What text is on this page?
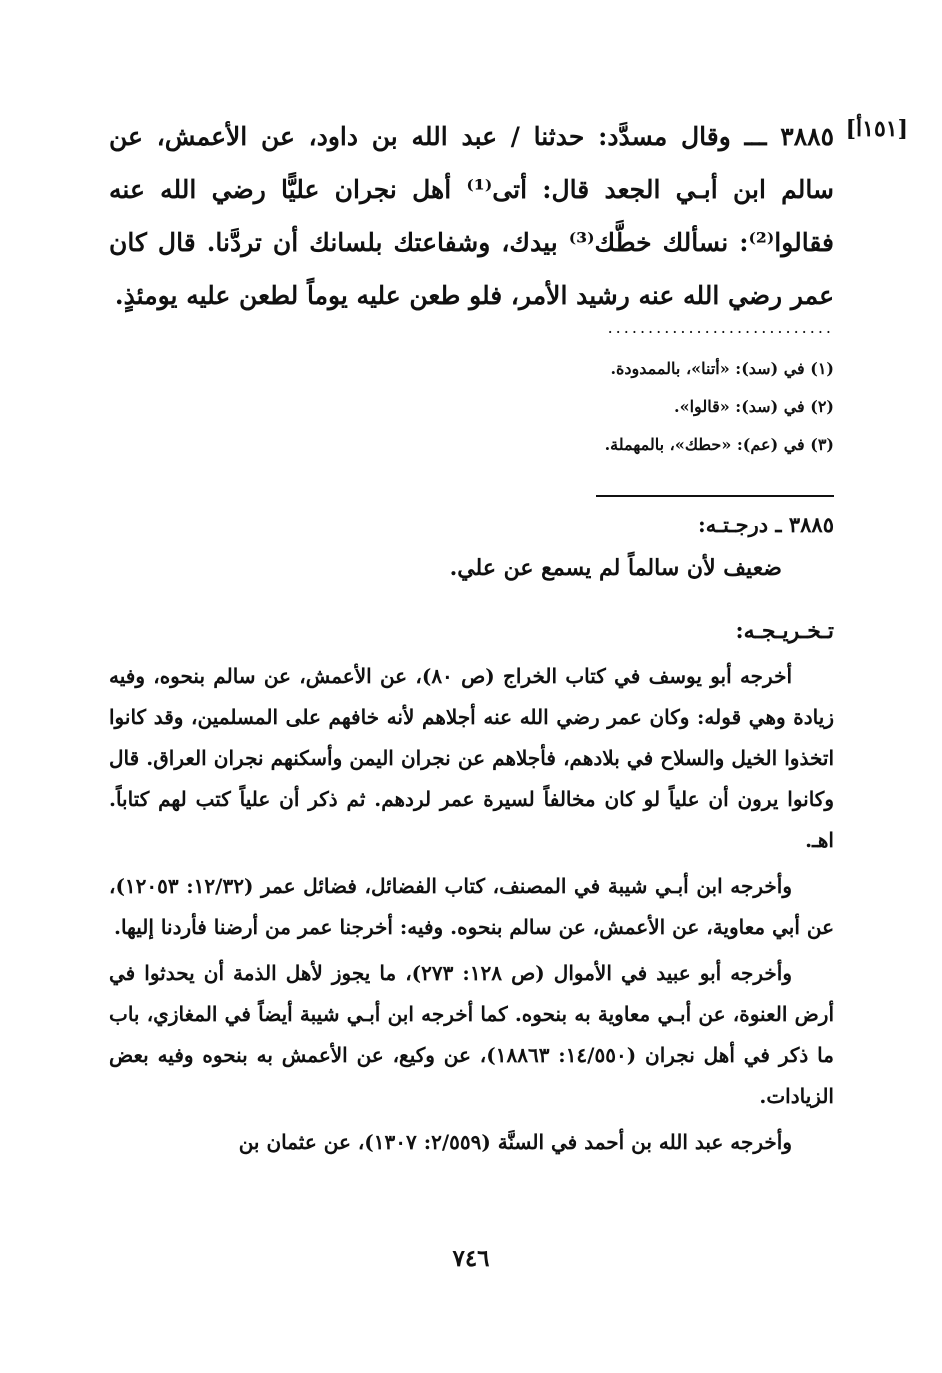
[١٥١أ]
٣٨٨٥ ـــ وقال مسدَّد: حدثنا / عبد الله بن داود، عن الأعمش، عن سالم ابن أبـي الجعد قال: أتى⁽¹⁾ أهل نجران عليًّا رضي الله عنه فقالوا⁽²⁾: نسألك خطَّك⁽³⁾ بيدك، وشفاعتك بلسانك أن تردَّنا. قال كان عمر رضي الله عنه رشيد الأمر، فلو طعن عليه يوماً لطعن عليه يومئذٍ.
............................
(١) في (سد): «أتنا»، بالممدودة.
(٢) في (سد): «قالوا».
(٣) في (عم): «حطك»، بالمهملة.
٣٨٨٥ ـ درجـتـه:
ضعيف لأن سالماً لم يسمع عن علي.
تـخـريـجـه:

أخرجه أبو يوسف في كتاب الخراج (ص ٨٠)، عن الأعمش، عن سالم بنحوه، وفيه زيادة وهي قوله: وكان عمر رضي الله عنه أجلاهم لأنه خافهم على المسلمين، وقد كانوا اتخذوا الخيل والسلاح في بلادهم، فأجلاهم عن نجران اليمن وأسكنهم نجران العراق. قال وكانوا يرون أن علياً لو كان مخالفاً لسيرة عمر لردهم. ثم ذكر أن علياً كتب لهم كتاباً. اهـ.

وأخرجه ابن أبـي شيبة في المصنف، كتاب الفضائل، فضائل عمر (١٢/٣٢: ١٢٠٥٣)، عن أبي معاوية، عن الأعمش، عن سالم بنحوه. وفيه: أخرجنا عمر من أرضنا فأردنا إليها.

وأخرجه أبو عبيد في الأموال (ص ١٢٨: ٢٧٣)، ما يجوز لأهل الذمة أن يحدثوا في أرض العنوة، عن أبـي معاوية به بنحوه. كما أخرجه ابن أبـي شيبة أيضاً في المغازي، باب ما ذكر في أهل نجران (١٤/٥٥٠: ١٨٨٦٣)، عن وكيع، عن الأعمش به بنحوه وفيه بعض الزيادات.

وأخرجه عبد الله بن أحمد في السنَّة (٢/٥٥٩: ١٣٠٧)، عن عثمان بن

٧٤٦
